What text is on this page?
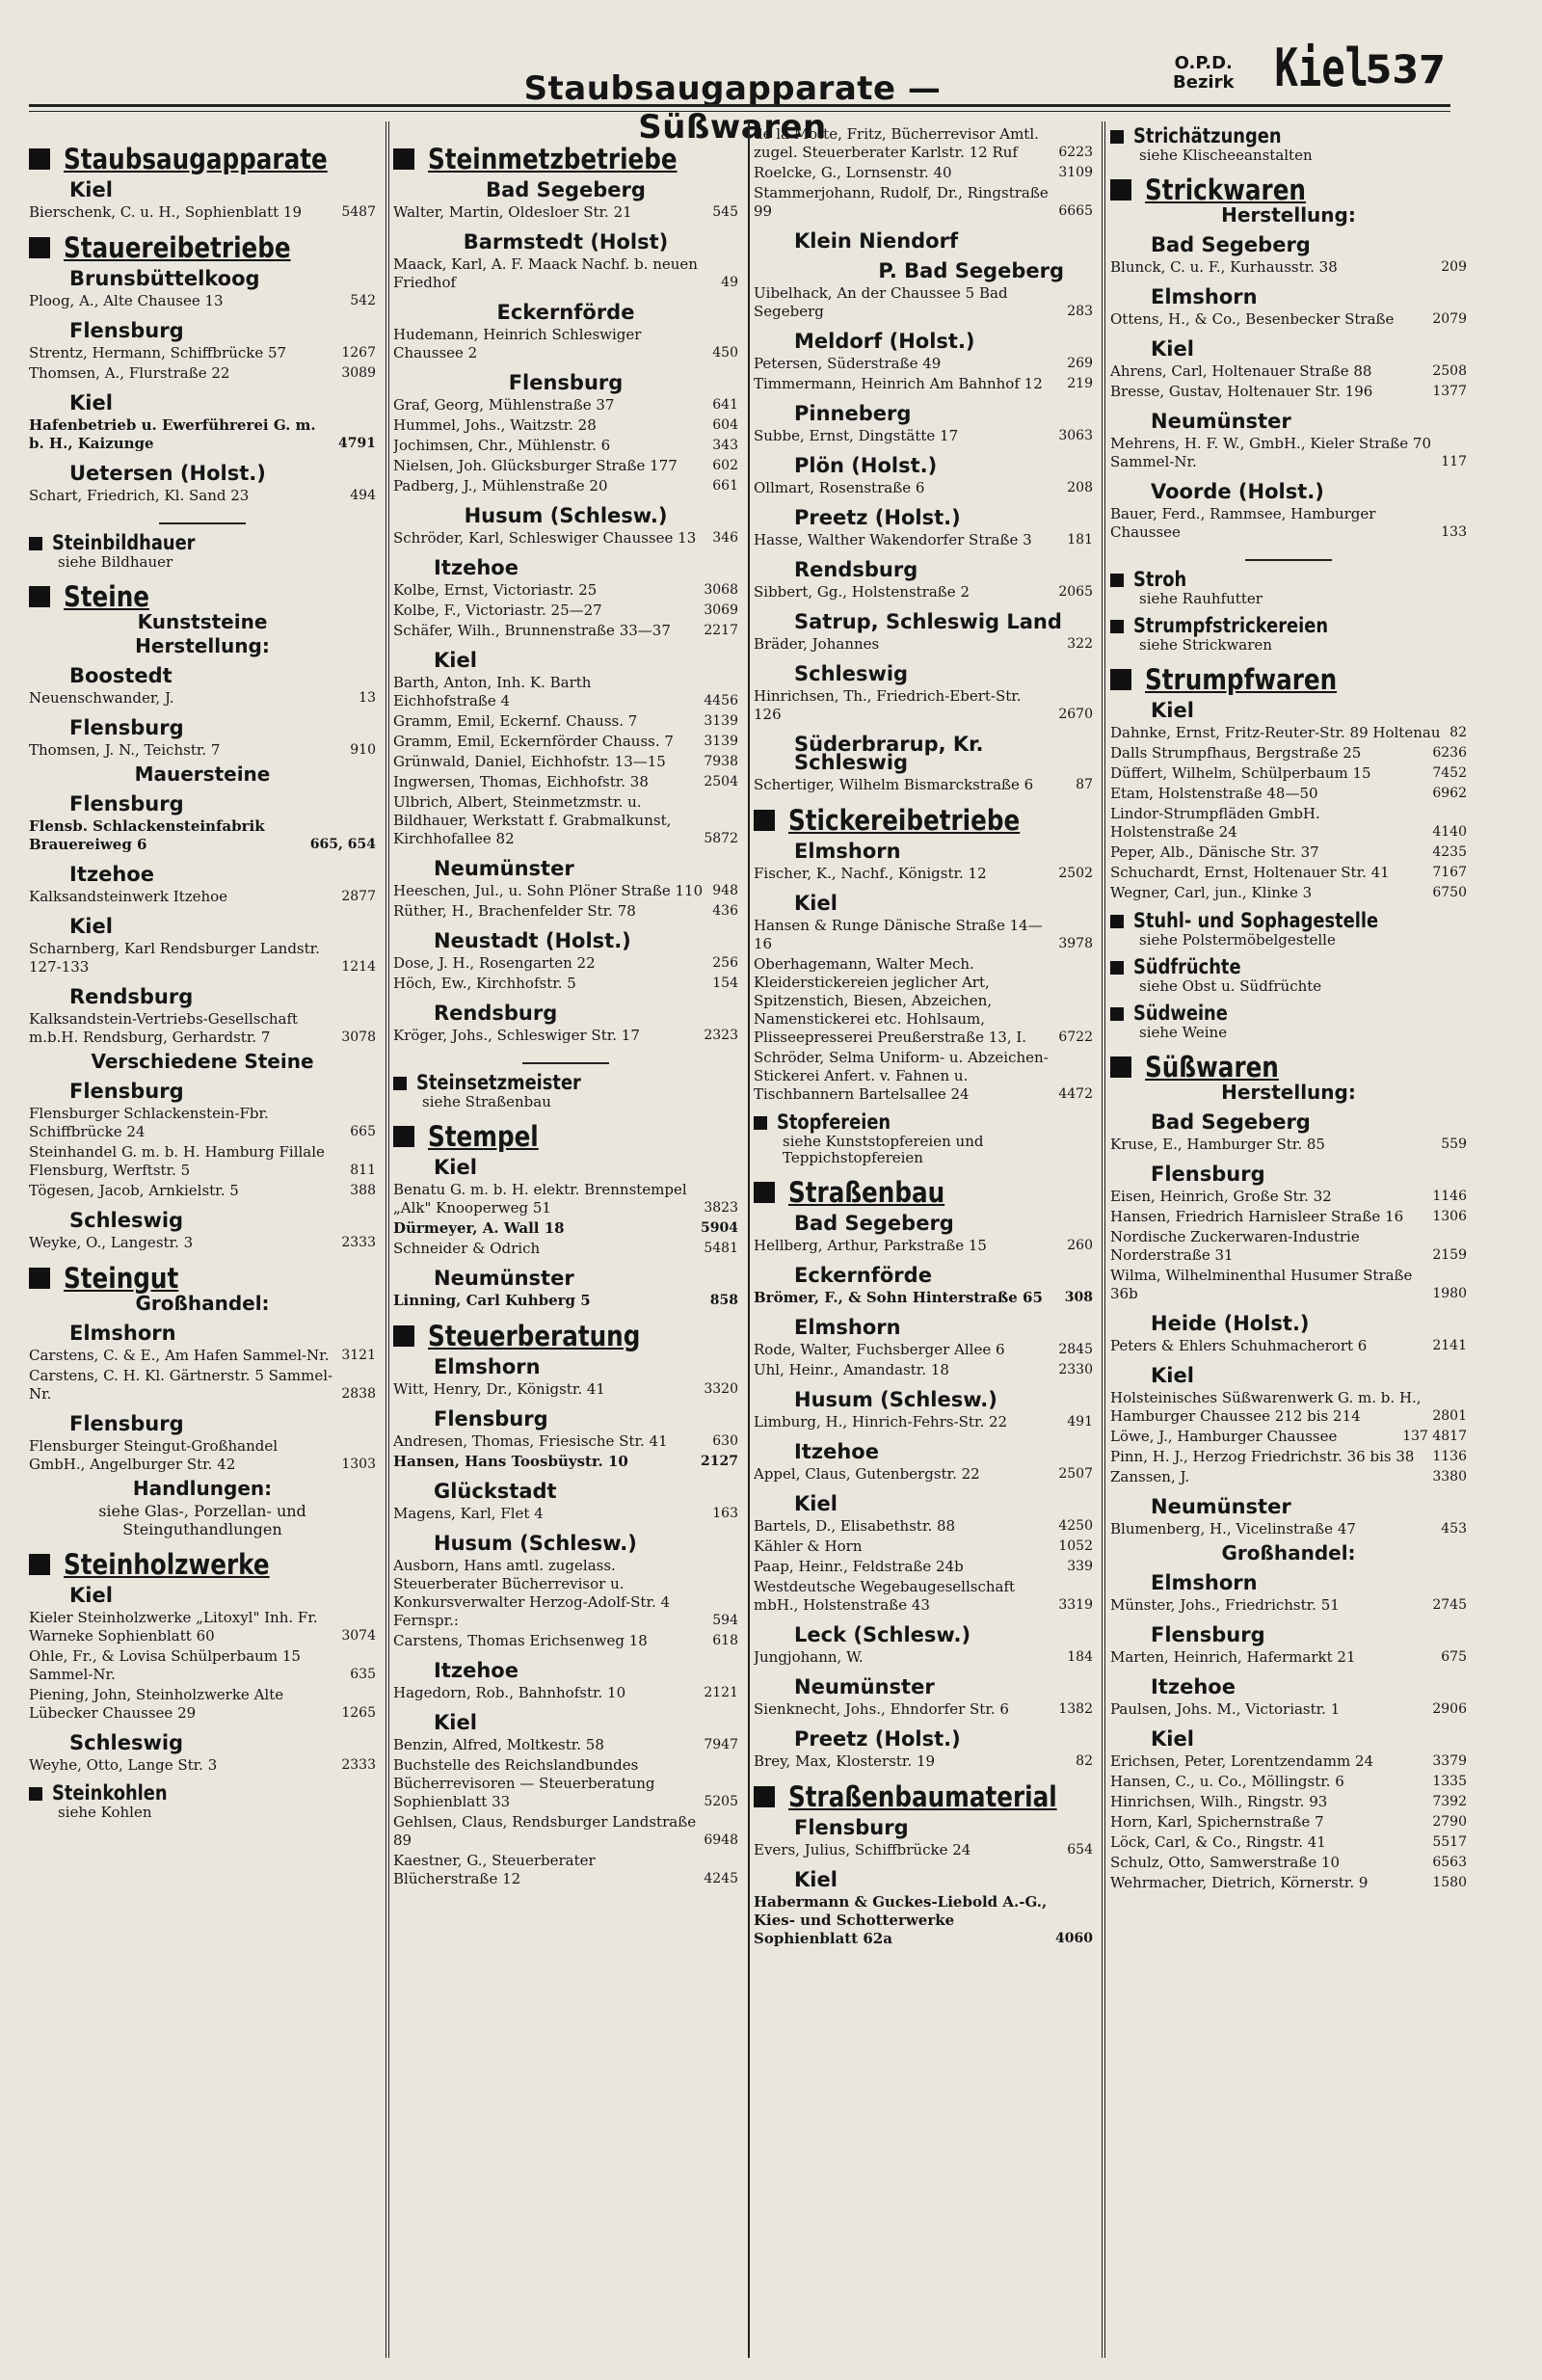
Staubsaugapparate — Süßwaren
O.P.D.
Bezirk Kiel
537
Staubsaugapparate
Kiel
Bierschenk, C. u. H., Sophienblatt 19	5487
Stauereibetriebe
Brunsbüttelkoog
Ploog, A., Alte Chausee 13	542
Flensburg
Strentz, Hermann, Schiffbrücke 57	1267
Thomsen, A., Flurstraße 22	3089
Kiel
Hafenbetrieb u. Ewerführerei G. m. b. H., Kaizunge	4791
Uetersen (Holst.)
Schart, Friedrich, Kl. Sand 23	494
Steinbildhauer
siehe Bildhauer
Steine
Kunststeine
Herstellung:
Boostedt
Neuenschwander, J.	13
Flensburg
Thomsen, J. N., Teichstr. 7	910
Mauersteine
Flensburg
Flensb. Schlackensteinfabrik Brauereiweg 6	665, 654
Itzehoe
Kalksandsteinwerk Itzehoe	2877
Kiel
Scharnberg, Karl Rendsburger Landstr. 127-133	1214
Rendsburg
Kalksandstein-Vertriebs-Gesellschaft m.b.H. Rendsburg, Gerhardstr. 7	3078
Verschiedene Steine
Flensburg
Flensburger Schlackenstein-Fbr. Schiffbrücke 24	665
Steinhandel G. m. b. H. Hamburg Fillale Flensburg, Werftstr. 5	811
Tögesen, Jacob, Arnkielstr. 5	388
Schleswig
Weyke, O., Langestr. 3	2333
Steingut
Großhandel:
Elmshorn
Carstens, C. & E., Am Hafen Sammel-Nr. 3121
Carstens, C. H. Kl. Gärtnerstr. 5 Sammel-Nr.	2838
Flensburg
Flensburger Steingut-Großhandel GmbH., Angelburger Str. 42	1303
Handlungen:
siehe Glas-, Porzellan- und Steinguthandlungen
Steinholzwerke
Kiel
Kieler Steinholzwerke „Litoxyl" Inh. Fr. Warneke Sophienblatt 60	3074
Ohle, Fr., & Lovisa Schülperbaum 15 Sammel-Nr.	635
Piening, John, Steinholzwerke Alte Lübecker Chaussee 29	1265
Schleswig
Weyhe, Otto, Lange Str. 3	2333
Steinkohlen
siehe Kohlen
Steinmetzbetriebe
Bad Segeberg
Walter, Martin, Oldesloer Str. 21	545
Barmstedt (Holst)
Maack, Karl, A. F. Maack Nachf. b. neuen Friedhof	49
Eckernförde
Hudemann, Heinrich Schleswiger Chaussee 2	450
Flensburg
Graf, Georg, Mühlenstraße 37	641
Hummel, Johs., Waitzstr. 28	604
Jochimsen, Chr., Mühlenstr. 6	343
Nielsen, Joh. Glücksburger Straße 177	602
Padberg, J., Mühlenstraße 20	661
Husum (Schlesw.)
Schröder, Karl, Schleswiger Chaussee 13	346
Itzehoe
Kolbe, Ernst, Victoriastr. 25	3068
Kolbe, F., Victoriastr. 25—27	3069
Schäfer, Wilh., Brunnenstraße 33—37	2217
Kiel
Barth, Anton, Inh. K. Barth Eichhofstraße 4	4456
Gramm, Emil, Eckernf. Chauss. 7	3139
Gramm, Emil, Eckernförder Chauss. 7	3139
Grünwald, Daniel, Eichhofstr. 13—15	7938
Ingwersen, Thomas, Eichhofstr. 38	2504
Ulbrich, Albert, Steinmetzmstr. u. Bildhauer, Werkstatt f. Grabmalkunst, Kirchhofallee 82	5872
Neumünster
Heeschen, Jul., u. Sohn Plöner Straße 110 948
Rüther, H., Brachenfelder Str. 78	436
Neustadt (Holst.)
Dose, J. H., Rosengarten 22	256
Höch, Ew., Kirchhofstr. 5	154
Rendsburg
Kröger, Johs., Schleswiger Str. 17	2323
Steinsetzmeister
siehe Straßenbau
Stempel
Kiel
Benatu G. m. b. H. elektr. Brennstempel „Alk" Knooperweg 51	3823
Dürmeyer, A. Wall 18	5904
Schneider & Odrich	5481
Neumünster
Linning, Carl Kuhberg 5	858
Steuerberatung
Elmshorn
Witt, Henry, Dr., Königstr. 41	3320
Flensburg
Andresen, Thomas, Friesische Str. 41	630
Hansen, Hans Toosbüystr. 10	2127
Glückstadt
Magens, Karl, Flet 4	163
Husum (Schlesw.)
Ausborn, Hans amtl. zugelass. Steuerberater Bücherrevisor u. Konkursverwalter Herzog-Adolf-Str. 4 Fernspr.:	594
Carstens, Thomas Erichsenweg 18	618
Itzehoe
Hagedorn, Rob., Bahnhofstr. 10	2121
Kiel
Benzin, Alfred, Moltkestr. 58	7947
Buchstelle des Reichslandbundes Bücherrevisoren — Steuerberatung Sophienblatt 33	5205
Gehlsen, Claus, Rendsburger Landstraße 89	6948
Kaestner, G., Steuerberater Blücherstraße 12	4245
de la Motte, Fritz, Bücherrevisor Amtl. zugel. Steuerberater Karlstr. 12 Ruf	6223
Roelcke, G., Lornsenstr. 40	3109
Stammerjohann, Rudolf, Dr., Ringstraße 99	6665
Klein Niendorf
P. Bad Segeberg
Uibelhack, An der Chaussee 5 Bad Segeberg	283
Meldorf (Holst.)
Petersen, Süderstraße 49	269
Timmermann, Heinrich Am Bahnhof 12	219
Pinneberg
Subbe, Ernst, Dingstätte 17	3063
Plön (Holst.)
Ollmart, Rosenstraße 6	208
Preetz (Holst.)
Hasse, Walther Wakendorfer Straße 3	181
Rendsburg
Sibbert, Gg., Holstenstraße 2	2065
Satrup, Schleswig Land
Bräder, Johannes	322
Schleswig
Hinrichsen, Th., Friedrich-Ebert-Str. 126	2670
Süderbrarup, Kr. Schleswig
Schertiger, Wilhelm Bismarckstraße 6	87
Stickereibetriebe
Elmshorn
Fischer, K., Nachf., Königstr. 12	2502
Kiel
Hansen & Runge Dänische Straße 14—16	3978
Oberhagemann, Walter Mech. Kleiderstickereien jeglicher Art, Spitzenstich, Biesen, Abzeichen, Namenstickerei etc. Hohlsaum, Plisseepresserei Preußerstraße 13, I.	6722
Schröder, Selma Uniform- u. Abzeichen-Stickerei Anfert. v. Fahnen u. Tischbannern Bartelsallee 24	4472
Stopfereien
siehe Kunststopfereien und Teppichstopfereien
Straßenbau
Bad Segeberg
Hellberg, Arthur, Parkstraße 15	260
Eckernförde
Brömer, F., & Sohn Hinterstraße 65	308
Elmshorn
Rode, Walter, Fuchsberger Allee 6	2845
Uhl, Heinr., Amandastr. 18	2330
Husum (Schlesw.)
Limburg, H., Hinrich-Fehrs-Str. 22	491
Itzehoe
Appel, Claus, Gutenbergstr. 22	2507
Kiel
Bartels, D., Elisabethstr. 88	4250
Kähler & Horn	1052
Paap, Heinr., Feldstraße 24b	339
Westdeutsche Wegebaugesellschaft mbH., Holstenstraße 43	3319
Leck (Schlesw.)
Jungjohann, W.	184
Neumünster
Sienknecht, Johs., Ehndorfer Str. 6	1382
Preetz (Holst.)
Brey, Max, Klosterstr. 19	82
Straßenbaumaterial
Flensburg
Evers, Julius, Schiffbrücke 24	654
Kiel
Habermann & Guckes-Liebold A.-G., Kies- und Schotterwerke Sophienblatt 62a	4060
Strichätzungen
siehe Klischeeanstalten
Strickwaren
Herstellung:
Bad Segeberg
Blunck, C. u. F., Kurhausstr. 38	209
Elmshorn
Ottens, H., & Co., Besenbecker Straße	2079
Kiel
Ahrens, Carl, Holtenauer Straße 88	2508
Bresse, Gustav, Holtenauer Str. 196	1377
Neumünster
Mehrens, H. F. W., GmbH., Kieler Straße 70 Sammel-Nr.	117
Voorde (Holst.)
Bauer, Ferd., Rammsee, Hamburger Chaussee	133
Stroh
siehe Rauhfutter
Strumpfstrickereien
siehe Strickwaren
Strumpfwaren
Kiel
Dahnke, Ernst, Fritz-Reuter-Str. 89 Holtenau 82
Dalls Strumpfhaus, Bergstraße 25	6236
Düffert, Wilhelm, Schülperbaum 15	7452
Etam, Holstenstraße 48—50	6962
Lindor-Strumpfläden GmbH. Holstenstraße 24	4140
Peper, Alb., Dänische Str. 37	4235
Schuchardt, Ernst, Holtenauer Str. 41	7167
Wegner, Carl, jun., Klinke 3	6750
Stuhl- und Sophagestelle
siehe Polstermöbelgestelle
Südfrüchte
siehe Obst u. Südfrüchte
Südweine
siehe Weine
Süßwaren
Herstellung:
Bad Segeberg
Kruse, E., Hamburger Str. 85	559
Flensburg
Eisen, Heinrich, Große Str. 32	1146
Hansen, Friedrich Harnisleer Straße 16	1306
Nordische Zuckerwaren-Industrie Norderstraße 31	2159
Wilma, Wilhelminenthal Husumer Straße 36b	1980
Heide (Holst.)
Peters & Ehlers Schuhmacherort 6	2141
Kiel
Holsteinisches Süßwarenwerk G. m. b. H., Hamburger Chaussee 212 bis 214	2801
Löwe, J., Hamburger Chaussee	137 4817
Pinn, H. J., Herzog Friedrichstr. 36 bis 38	1136
Zanssen, J.	3380
Neumünster
Blumenberg, H., Vicelinstraße 47	453
Großhandel:
Elmshorn
Münster, Johs., Friedrichstr. 51	2745
Flensburg
Marten, Heinrich, Hafermarkt 21	675
Itzehoe
Paulsen, Johs. M., Victoriastr. 1	2906
Kiel
Erichsen, Peter, Lorentzendamm 24	3379
Hansen, C., u. Co., Möllingstr. 6	1335
Hinrichsen, Wilh., Ringstr. 93	7392
Horn, Karl, Spichernstraße 7	2790
Löck, Carl, & Co., Ringstr. 41	5517
Schulz, Otto, Samwerstraße 10	6563
Wehrmacher, Dietrich, Körnerstr. 9	1580
